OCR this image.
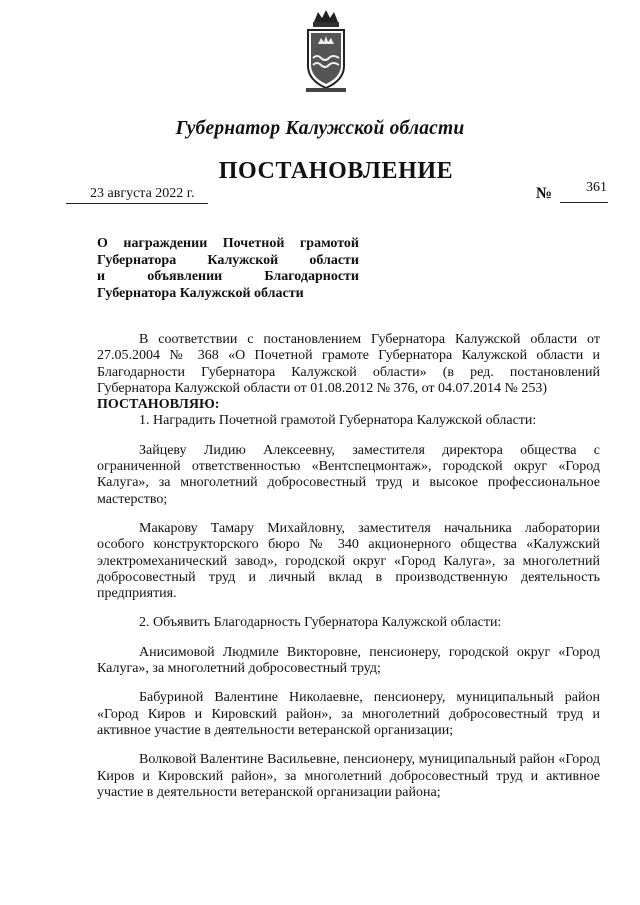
Губернатор Калужской области
ПОСТАНОВЛЕНИЕ
23 августа 2022 г.	№ 361
О награждении Почетной грамотой
Губернатора Калужской области
и объявлении Благодарности
Губернатора Калужской области

В соответствии с постановлением Губернатора Калужской области от 27.05.2004 № 368 «О Почетной грамоте Губернатора Калужской области и Благодарности Губернатора Калужской области» (в ред. постановлений Губернатора Калужской области от 01.08.2012 № 376, от 04.07.2014 № 253)

ПОСТАНОВЛЯЮ:

1. Наградить Почетной грамотой Губернатора Калужской области:

Зайцеву Лидию Алексеевну, заместителя директора общества с ограниченной ответственностью «Вентспецмонтаж», городской округ «Город Калуга», за многолетний добросовестный труд и высокое профессиональное мастерство;

Макарову Тамару Михайловну, заместителя начальника лаборатории особого конструкторского бюро № 340 акционерного общества «Калужский электромеханический завод», городской округ «Город Калуга», за многолетний добросовестный труд и личный вклад в производственную деятельность предприятия.

2. Объявить Благодарность Губернатора Калужской области:

Анисимовой Людмиле Викторовне, пенсионеру, городской округ «Город Калуга», за многолетний добросовестный труд;

Бабуриной Валентине Николаевне, пенсионеру, муниципальный район «Город Киров и Кировский район», за многолетний добросовестный труд и активное участие в деятельности ветеранской организации;

Волковой Валентине Васильевне, пенсионеру, муниципальный район «Город Киров и Кировский район», за многолетний добросовестный труд и активное участие в деятельности ветеранской организации района;
